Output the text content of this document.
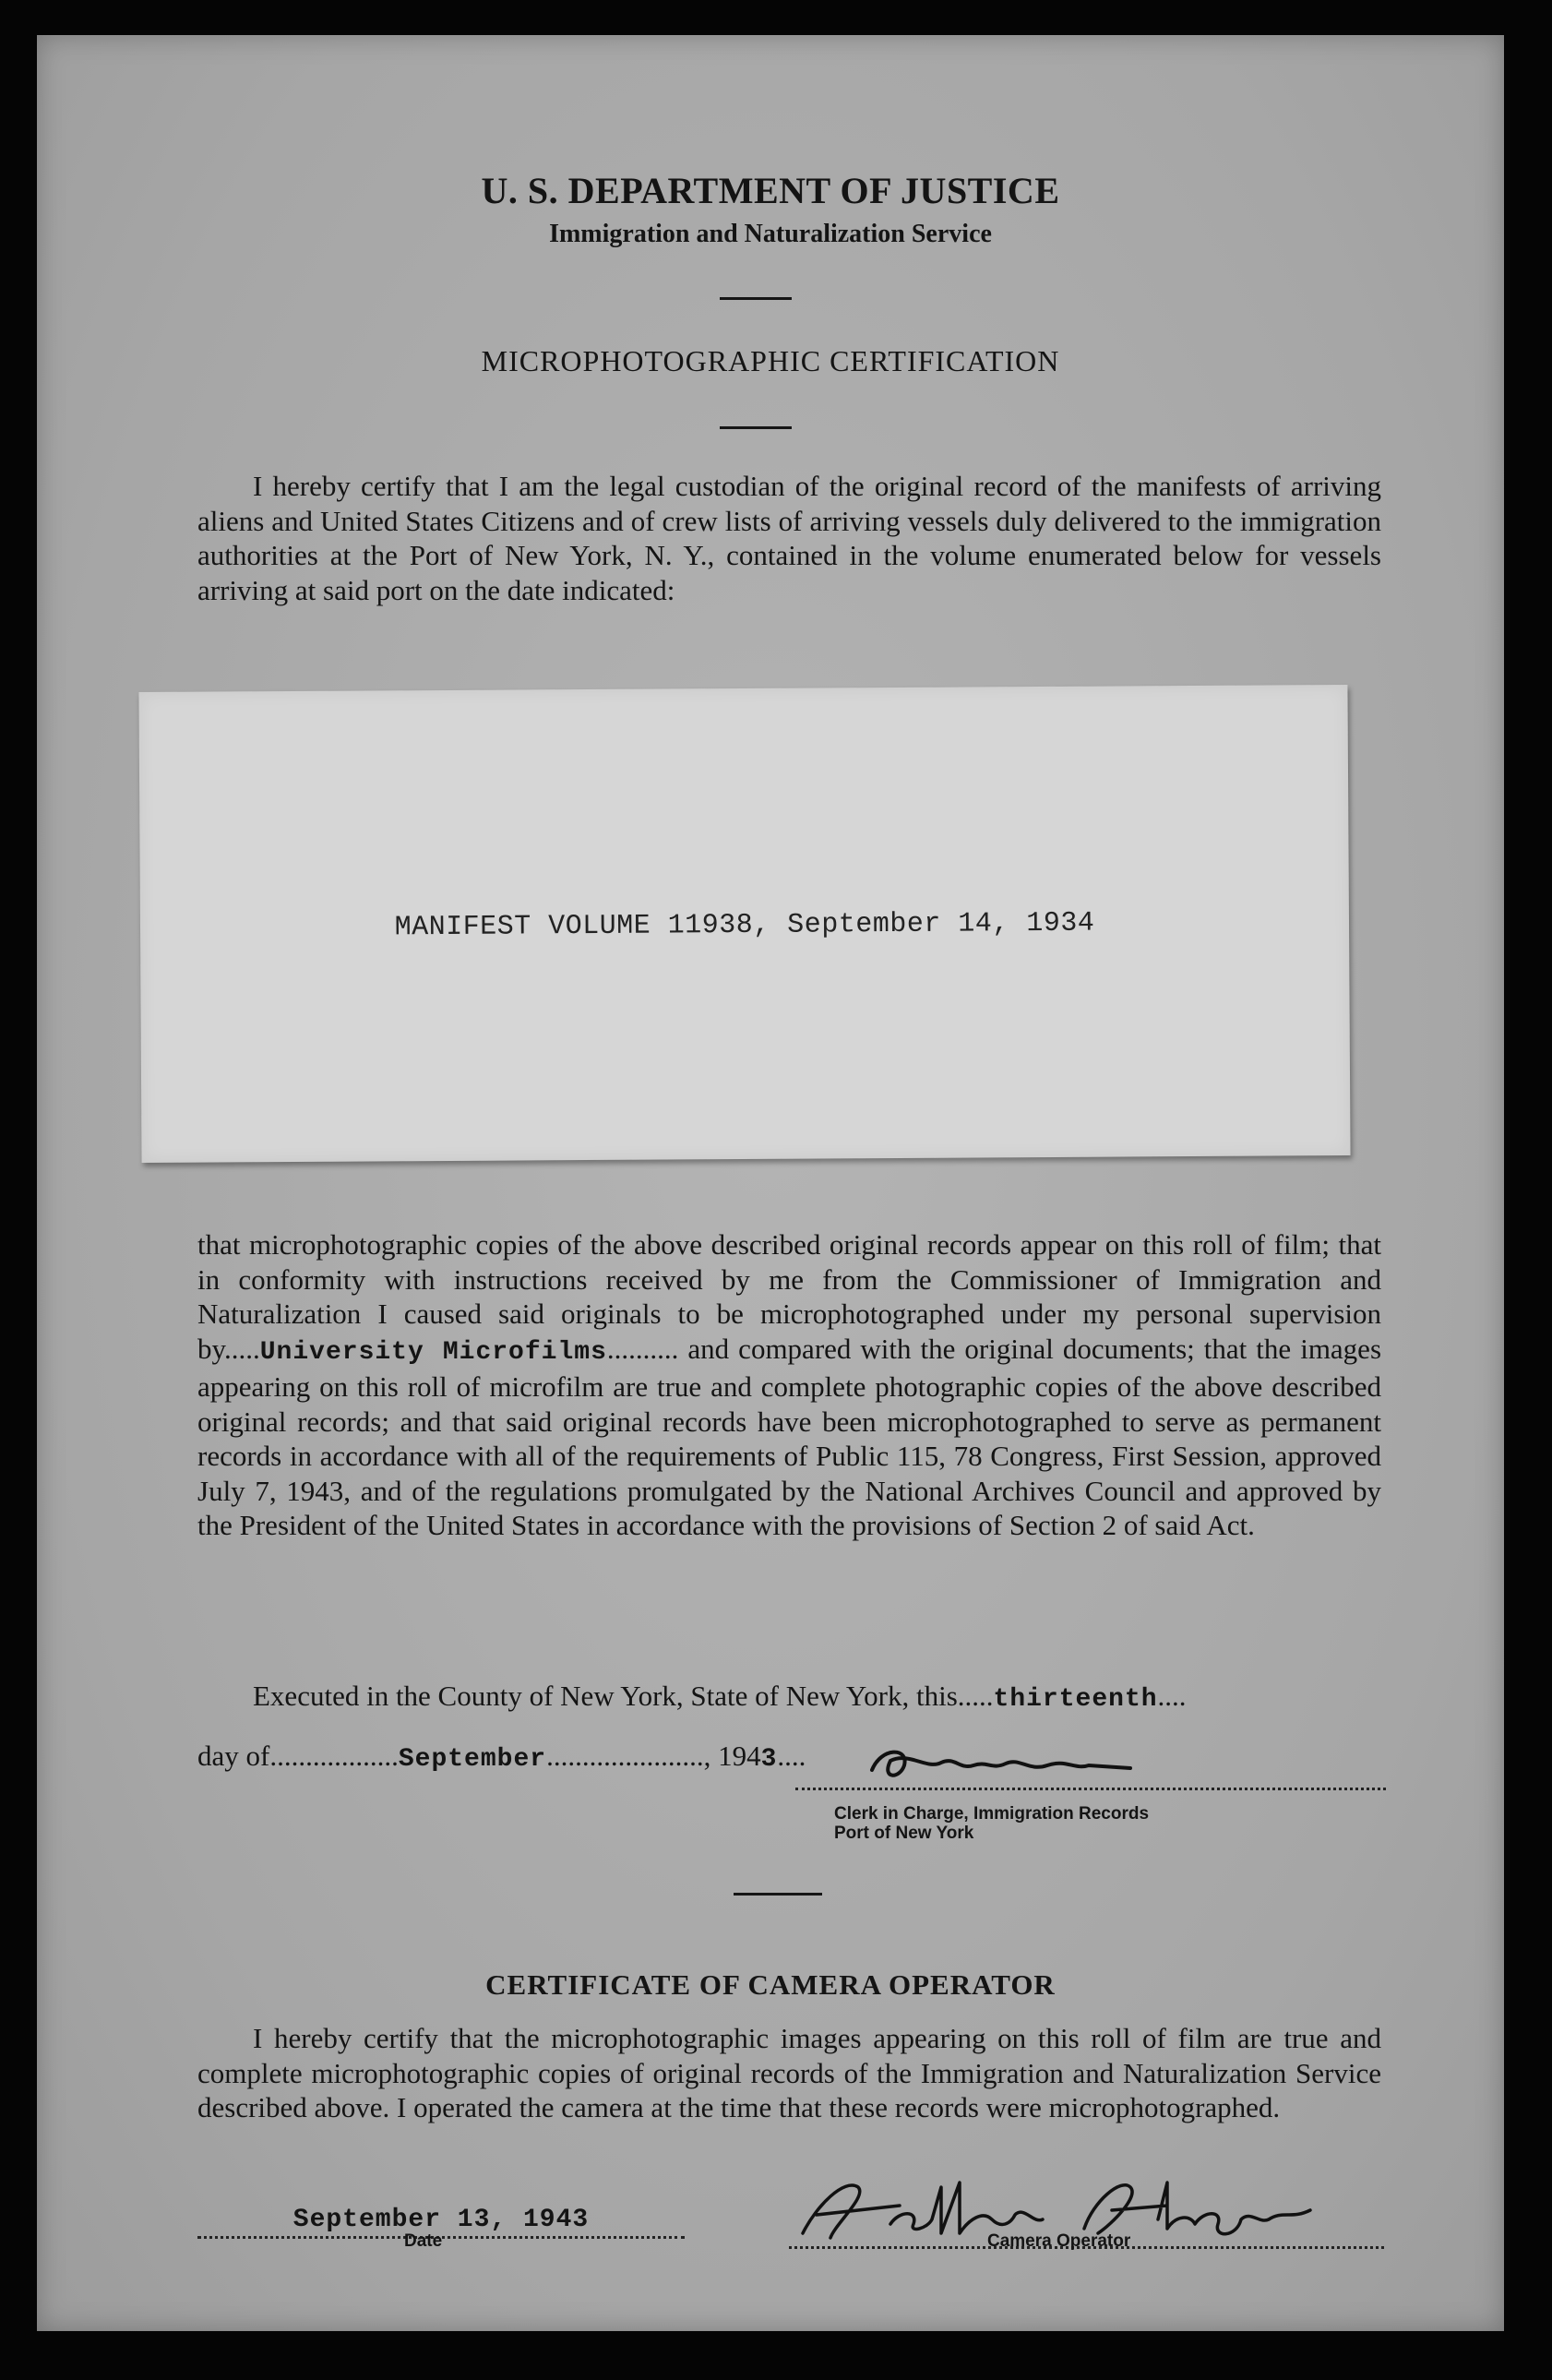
U. S. DEPARTMENT OF JUSTICE
Immigration and Naturalization Service
MICROPHOTOGRAPHIC CERTIFICATION
I hereby certify that I am the legal custodian of the original record of the manifests of arriving aliens and United States Citizens and of crew lists of arriving vessels duly delivered to the immigration authorities at the Port of New York, N. Y., contained in the volume enumerated below for vessels arriving at said port on the date indicated:
MANIFEST VOLUME 11938, September 14, 1934
that microphotographic copies of the above described original records appear on this roll of film; that in conformity with instructions received by me from the Commissioner of Immigration and Naturalization I caused said originals to be microphotographed under my personal supervision by.....University Microfilms.......... and compared with the original documents; that the images appearing on this roll of microfilm are true and complete photographic copies of the above described original records; and that said original records have been microphotographed to serve as permanent records in accordance with all of the requirements of Public 115, 78 Congress, First Session, approved July 7, 1943, and of the regulations promulgated by the National Archives Council and approved by the President of the United States in accordance with the provisions of Section 2 of said Act.
Executed in the County of New York, State of New York, this.....thirteenth....
day of..................September......................, 1943....
Clerk in Charge, Immigration Records
Port of New York
CERTIFICATE OF CAMERA OPERATOR
I hereby certify that the microphotographic images appearing on this roll of film are true and complete microphotographic copies of original records of the Immigration and Naturalization Service described above. I operated the camera at the time that these records were microphotographed.
September 13, 1943
Date	Camera Operator
